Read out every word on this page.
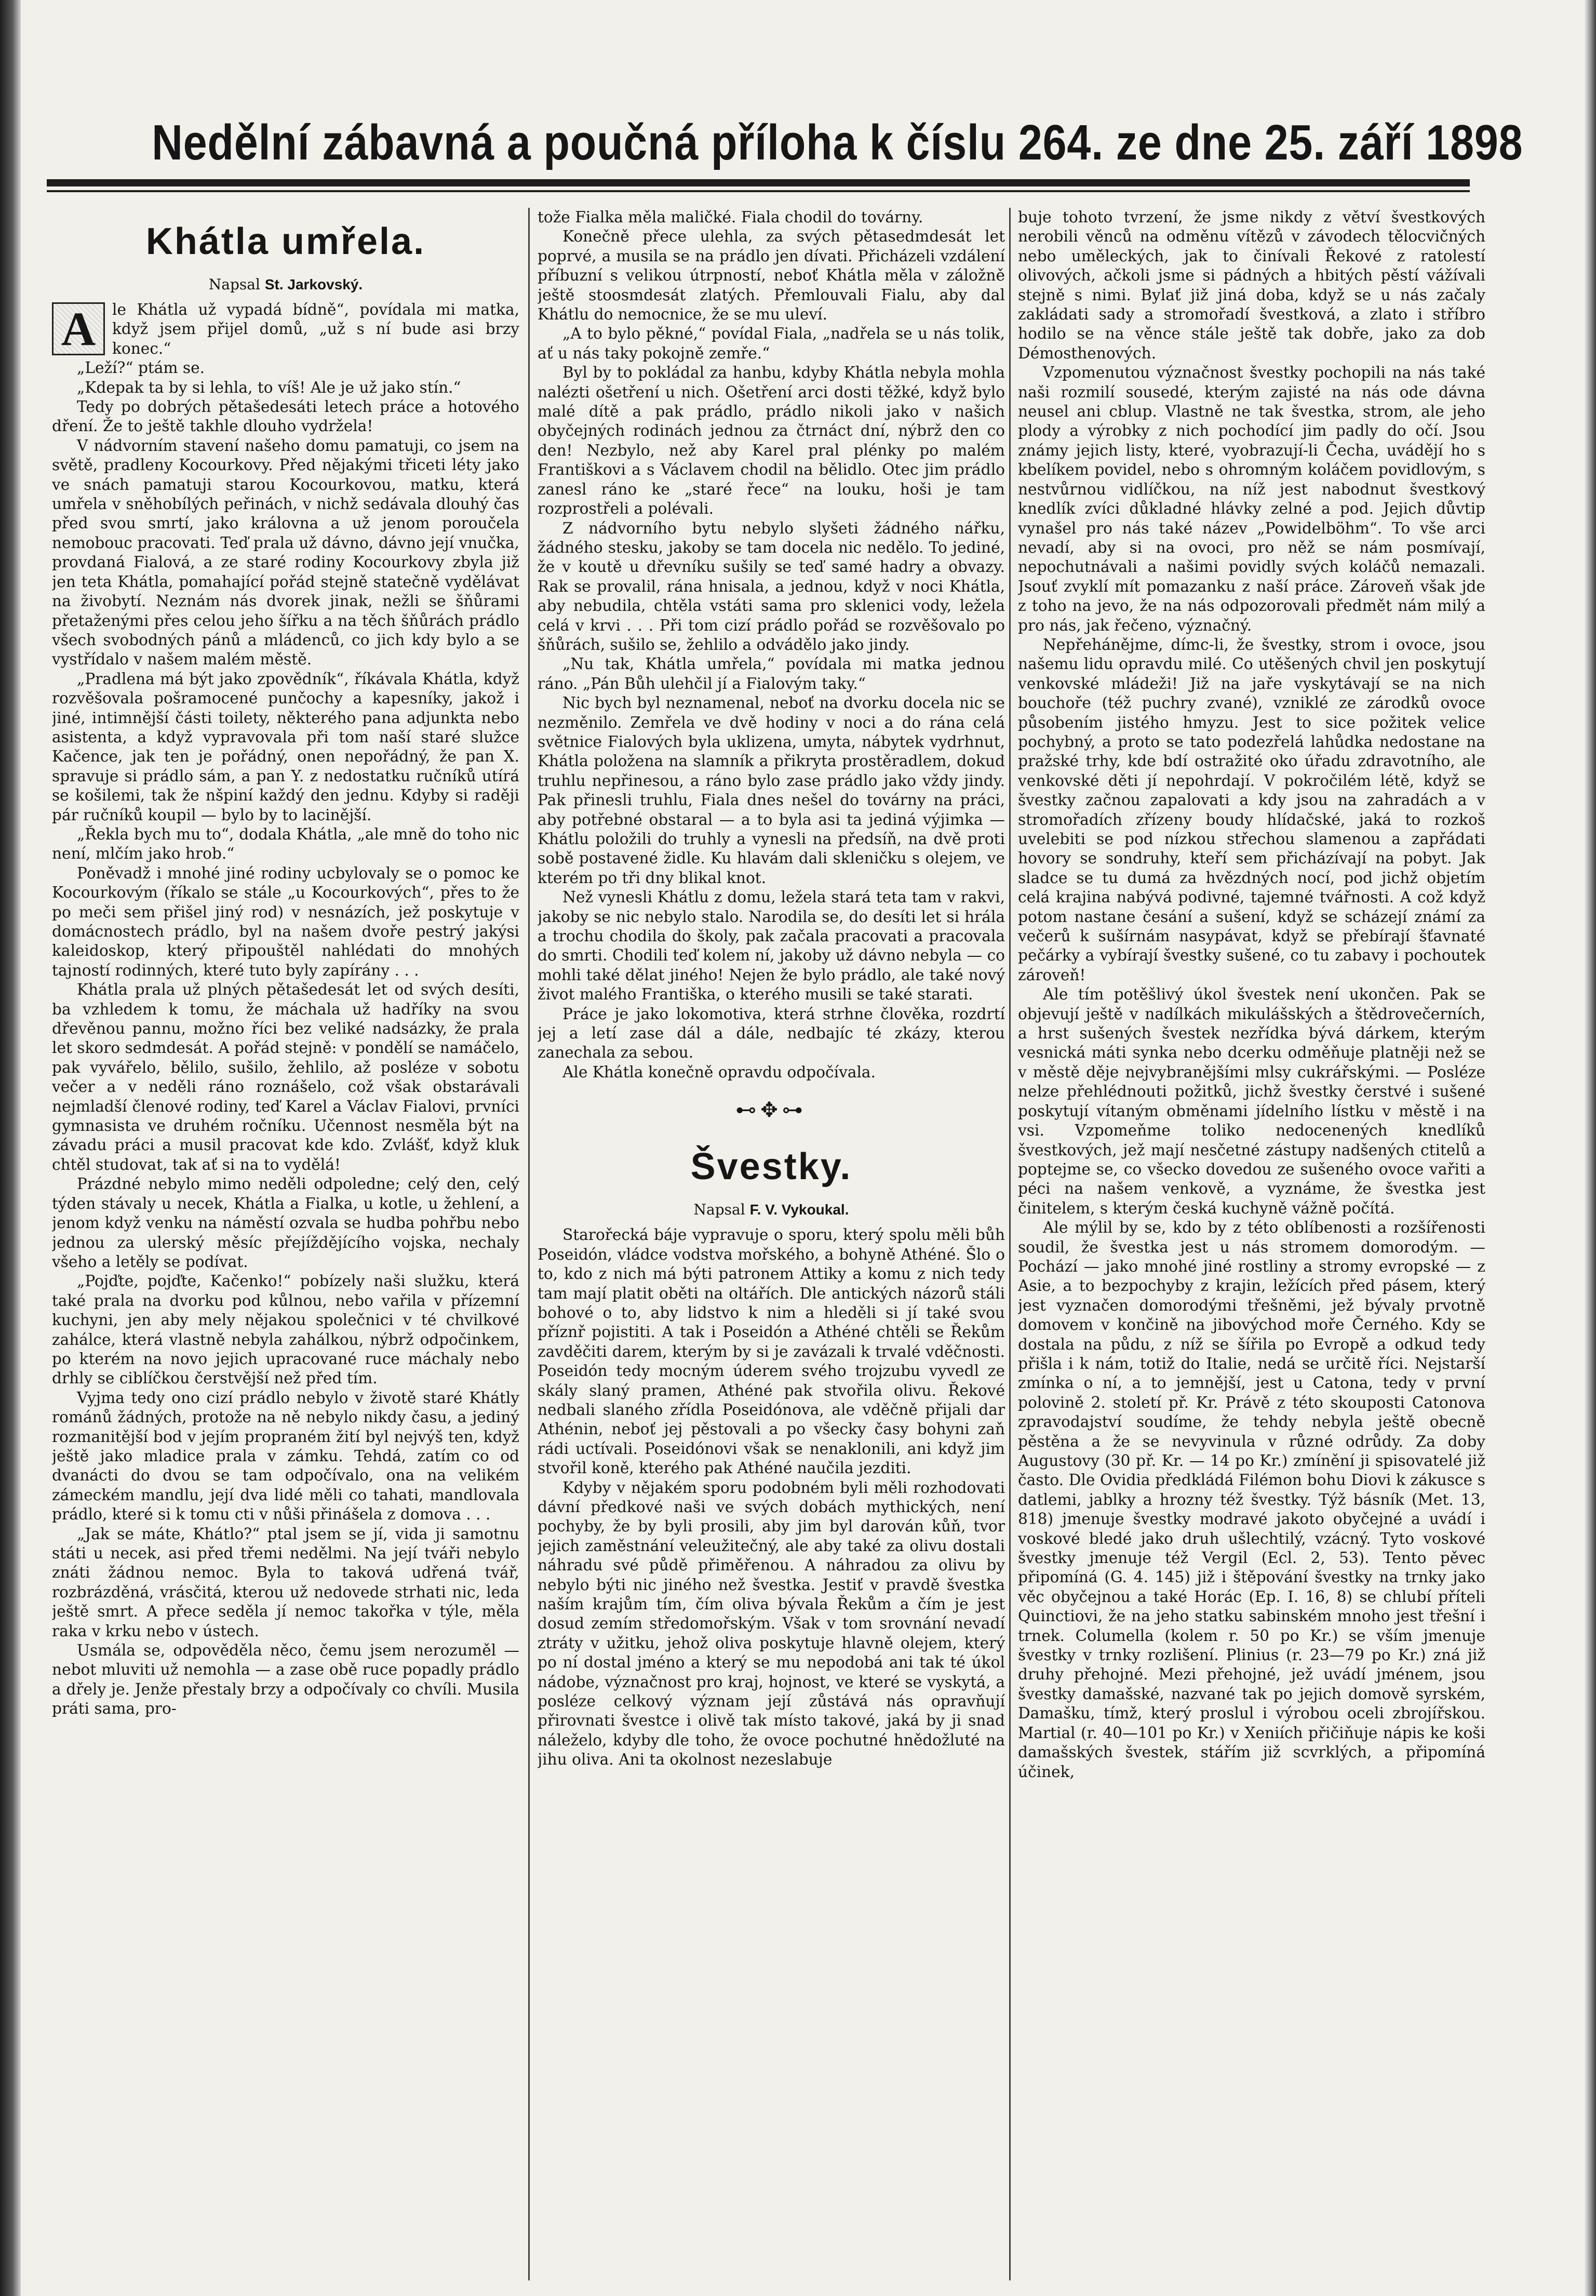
Nedělní zábavná a poučná příloha k číslu 264. ze dne 25. září 1898
Khátla umřela.
Napsal St. Jarkovský.

A	le Khátla už vypadá bídně“, povídala mi matka, když jsem přijel domů, „už s ní bude asi brzy konec.“

„Leží?“ ptám se.

„Kdepak ta by si lehla, to víš! Ale je už jako stín.“

Tedy po dobrých pětašedesáti letech práce a hotového dření. Že to ještě takhle dlouho vydržela!

V nádvorním stavení našeho domu pamatuji, co jsem na světě, pradleny Kocourkovy. Před nějakými třiceti léty jako ve snách pamatuji starou Kocourkovou, matku, která umřela v sněhobílých peřinách, v nichž sedávala dlouhý čas před svou smrtí, jako královna a už jenom poroučela nemobouc pracovati. Teď prala už dávno, dávno její vnučka, provdaná Fialová, a ze staré rodiny Kocourkovy zbyla již jen teta Khátla, pomahající pořád stejně statečně vydělávat na živobytí. Neznám nás dvorek jinak, nežli se šňůrami přetaženými přes celou jeho šířku a na těch šňůrách prádlo všech svobodných pánů a mládenců, co jich kdy bylo a se vystřídalo v našem malém městě.

„Pradlena má být jako zpovědník“, říkávala Khátla, když rozvěšovala pošramocené punčochy a kapesníky, jakož i jiné, intimnější části toilety, některého pana adjunkta nebo asistenta, a když vypravovala při tom naší staré služce Kačence, jak ten je pořádný, onen nepořádný, že pan X. spravuje si prádlo sám, a pan Y. z nedostatku ručníků utírá se košilemi, tak že nšpiní každý den jednu. Kdyby si raději pár ručníků koupil — bylo by to lacinější.

„Řekla bych mu to“, dodala Khátla, „ale mně do toho nic není, mlčím jako hrob.“

Poněvadž i mnohé jiné rodiny ucbylovaly se o pomoc ke Kocourkovým (říkalo se stále „u Kocourkových“, přes to že po meči sem přišel jiný rod) v nesnázích, jež poskytuje v domácnostech prádlo, byl na našem dvoře pestrý jakýsi kaleidoskop, který připouštěl nahlédati do mnohých tajností rodinných, které tuto byly zapírány . . .

Khátla prala už plných pětašedesát let od svých desíti, ba vzhledem k tomu, že máchala už hadříky na svou dřevěnou pannu, možno říci bez veliké nadsázky, že prala let skoro sedmdesát. A pořád stejně: v pondělí se namáčelo, pak vyvářelo, bělilo, sušilo, žehlilo, až posléze v sobotu večer a v neděli ráno roznášelo, což však obstarávali nejmladší členové rodiny, teď Karel a Václav Fialovi, prvníci gymnasista ve druhém ročníku. Učennost nesměla být na závadu práci a musil pracovat kde kdo. Zvlášť, když kluk chtěl studovat, tak ať si na to vydělá!

Prázdné nebylo mimo neděli odpoledne; celý den, celý týden stávaly u necek, Khátla a Fialka, u kotle, u žehlení, a jenom když venku na náměstí ozvala se hudba pohřbu nebo jednou za ulerský měsíc přejíždějícího vojska, nechaly všeho a letěly se podívat.

„Pojďte, pojďte, Kačenko!“ pobízely naši služku, která také prala na dvorku pod kůlnou, nebo vařila v přízemní kuchyni, jen aby mely nějakou společnici v té chvilkové zahálce, která vlastně nebyla zahálkou, nýbrž odpočinkem, po kterém na novo jejich upracované ruce máchaly nebo drhly se ciblíčkou čerstvější než před tím.

Vyjma tedy ono cizí prádlo nebylo v životě staré Khátly románů žádných, protože na ně nebylo nikdy času, a jediný rozmanitější bod v jejím propraném žití byl nejvýš ten, když ještě jako mladice prala v zámku. Tehdá, zatím co od dvanácti do dvou se tam odpočívalo, ona na velikém zámeckém mandlu, její dva lidé měli co tahati, mandlovala prádlo, které si k tomu cti v nůši přinášela z domova . . .

„Jak se máte, Khátlo?“ ptal jsem se jí, vida ji samotnu státi u necek, asi před třemi nedělmi. Na její tváři nebylo znáti žádnou nemoc. Byla to taková udřená tvář, rozbrázděná, vrásčitá, kterou už nedovede strhati nic, leda ještě smrt. A přece seděla jí nemoc takořka v týle, měla raka v krku nebo v ústech.

Usmála se, odpověděla něco, čemu jsem nerozuměl — nebot mluviti už nemohla — a zase obě ruce popadly prádlo a dřely je. Jenže přestaly brzy a odpočívaly co chvíli. Musila práti sama, pro-

tože Fialka měla maličké. Fiala chodil do továrny.

Konečně přece ulehla, za svých pětasedmdesát let poprvé, a musila se na prádlo jen dívati. Přicházeli vzdálení příbuzní s velikou útrpností, neboť Khátla měla v záložně ještě stoosmdesát zlatých. Přemlouvali Fialu, aby dal Khátlu do nemocnice, že se mu uleví.

„A to bylo pěkné,“ povídal Fiala, „nadřela se u nás tolik, ať u nás taky pokojně zemře.“

Byl by to pokládal za hanbu, kdyby Khátla nebyla mohla nalézti ošetření u nich. Ošetření arci dosti těžké, když bylo malé dítě a pak prádlo, prádlo nikoli jako v našich obyčejných rodinách jednou za čtrnáct dní, nýbrž den co den! Nezbylo, než aby Karel pral plénky po malém Františkovi a s Václavem chodil na bělidlo. Otec jim prádlo zanesl ráno ke „staré řece“ na louku, hoši je tam rozprostřeli a polévali.

Z nádvorního bytu nebylo slyšeti žádného nářku, žádného stesku, jakoby se tam docela nic nedělo. To jediné, že v koutě u dřevníku sušily se teď samé hadry a obvazy. Rak se provalil, rána hnisala, a jednou, když v noci Khátla, aby nebudila, chtěla vstáti sama pro sklenici vody, ležela celá v krvi . . . Při tom cizí prádlo pořád se rozvěšovalo po šňůrách, sušilo se, žehlilo a odvádělo jako jindy.

„Nu tak, Khátla umřela,“ povídala mi matka jednou ráno. „Pán Bůh ulehčil jí a Fialovým taky.“

Nic bych byl neznamenal, neboť na dvorku docela nic se nezměnilo. Zemřela ve dvě hodiny v noci a do rána celá světnice Fialových byla uklizena, umyta, nábytek vydrhnut, Khátla položena na slamník a přikryta prostěradlem, dokud truhlu nepřinesou, a ráno bylo zase prádlo jako vždy jindy. Pak přinesli truhlu, Fiala dnes nešel do továrny na práci, aby potřebné obstaral — a to byla asi ta jediná výjimka — Khátlu položili do truhly a vynesli na předsíň, na dvě proti sobě postavené židle. Ku hlavám dali skleničku s olejem, ve kterém po tři dny blikal knot.

Než vynesli Khátlu z domu, ležela stará teta tam v rakvi, jakoby se nic nebylo stalo. Narodila se, do desíti let si hrála a trochu chodila do školy, pak začala pracovati a pracovala do smrti. Chodili teď kolem ní, jakoby už dávno nebyla — co mohli také dělat jiného! Nejen že bylo prádlo, ale také nový život malého Františka, o kterého musili se také starati.

Práce je jako lokomotiva, která strhne člověka, rozdrtí jej a letí zase dál a dále, nedbajíc té zkázy, kterou zanechala za sebou.

Ale Khátla konečně opravdu odpočívala.

⊷✥⊶
Švestky.
Napsal F. V. Vykoukal.

Starořecká báje vypravuje o sporu, který spolu měli bůh Poseidón, vládce vodstva mořského, a bohyně Athéné. Šlo o to, kdo z nich má býti patronem Attiky a komu z nich tedy tam mají platit oběti na oltářích. Dle antických názorů stáli bohové o to, aby lidstvo k nim a hleděli si jí také svou příznř pojistiti. A tak i Poseidón a Athéné chtěli se Řekům zavděčiti darem, kterým by si je zavázali k trvalé vděčnosti. Poseidón tedy mocným úderem svého trojzubu vyvedl ze skály slaný pramen, Athéné pak stvořila olivu. Řekové nedbali slaného zřídla Poseidónova, ale vděčně přijali dar Athénin, neboť jej pěstovali a po všecky časy bohyni zaň rádi uctívali. Poseidónovi však se nenaklonili, ani když jim stvořil koně, kterého pak Athéné naučila jezditi.

Kdyby v nějakém sporu podobném byli měli rozhodovati dávní předkové naši ve svých dobách mythických, není pochyby, že by byli prosili, aby jim byl darován kůň, tvor jejich zaměstnání veleužitečný, ale aby také za olivu dostali náhradu své půdě přiměřenou. A náhradou za olivu by nebylo býti nic jiného než švestka. Jestiť v pravdě švestka naším krajům tím, čím oliva bývala Řekům a čím je jest dosud zemím středomořským. Však v tom srovnání nevadí ztráty v užitku, jehož oliva poskytuje hlavně olejem, který po ní dostal jméno a který se mu nepodobá ani tak té úkol nádobe, význačnost pro kraj, hojnost, ve které se vyskytá, a posléze celkový význam její zůstává nás opravňují přirovnati švestce i olivě tak místo takové, jaká by ji snad náleželo, kdyby dle toho, že ovoce pochutné hnědožluté na jihu oliva. Ani ta okolnost nezeslabuje

buje tohoto tvrzení, že jsme nikdy z větví švestkových nerobili věnců na odměnu vítězů v závodech tělocvičných nebo uměleckých, jak to činívali Řekové z ratolestí olivových, ačkoli jsme si pádných a hbitých pěstí vážívali stejně s nimi. Bylať již jiná doba, když se u nás začaly zakládati sady a stromořadí švestková, a zlato i stříbro hodilo se na věnce stále ještě tak dobře, jako za dob Démosthenových.

Vzpomenutou význačnost švestky pochopili na nás také naši rozmilí sousedé, kterým zajisté na nás ode dávna neusel ani cblup. Vlastně ne tak švestka, strom, ale jeho plody a výrobky z nich pochodící jim padly do očí. Jsou známy jejich listy, které, vyobrazují-li Čecha, uvádějí ho s kbelíkem povidel, nebo s ohromným koláčem povidlovým, s nestvůrnou vidlíčkou, na níž jest nabodnut švestkový knedlík zvíci důkladné hlávky zelné a pod. Jejich důvtip vynašel pro nás také název „Powidelböhm“. To vše arci nevadí, aby si na ovoci, pro něž se nám posmívají, nepochutnávali a našimi povidly svých koláčů nemazali. Jsouť zvyklí mít pomazanku z naší práce. Zároveň však jde z toho na jevo, že na nás odpozorovali předmět nám milý a pro nás, jak řečeno, význačný.

Nepřehánějme, dímc-li, že švestky, strom i ovoce, jsou našemu lidu opravdu milé. Co utěšených chvil jen poskytují venkovské mládeži! Již na jaře vyskytávají se na nich bouchoře (též puchry zvané), vzniklé ze zárodků ovoce působením jistého hmyzu. Jest to sice požitek velice pochybný, a proto se tato podezřelá lahůdka nedostane na pražské trhy, kde bdí ostražité oko úřadu zdravotního, ale venkovské děti jí nepohrdají. V pokročilém létě, když se švestky začnou zapalovati a kdy jsou na zahradách a v stromořadích zřízeny boudy hlídačské, jaká to rozkoš uvelebiti se pod nízkou střechou slamenou a zapřádati hovory se sondruhy, kteří sem přicházívají na pobyt. Jak sladce se tu dumá za hvězdných nocí, pod jichž objetím celá krajina nabývá podivné, tajemné tvářnosti. A což když potom nastane česání a sušení, když se scházejí známí za večerů k sušírnám nasypávat, když se přebírají šťavnaté pečárky a vybírají švestky sušené, co tu zabavy i pochoutek zároveň!

Ale tím potěšlivý úkol švestek není ukončen. Pak se objevují ještě v nadílkách mikulášských a štědrovečerních, a hrst sušených švestek nezřídka bývá dárkem, kterým vesnická máti synka nebo dcerku odměňuje platněji než se v městě děje nejvybranějšími mlsy cukrářskými. — Posléze nelze přehlédnouti požitků, jichž švestky čerstvé i sušené poskytují vítaným obměnami jídelního lístku v městě i na vsi. Vzpomeňme toliko nedocenených knedlíků švestkových, jež mají nesčetné zástupy nadšených ctitelů a poptejme se, co všecko dovedou ze sušeného ovoce vařiti a péci na našem venkově, a vyznáme, že švestka jest činitelem, s kterým česká kuchyně vážně počítá.

Ale mýlil by se, kdo by z této oblíbenosti a rozšířenosti soudil, že švestka jest u nás stromem domorodým. — Pochází — jako mnohé jiné rostliny a stromy evropské — z Asie, a to bezpochyby z krajin, ležících před pásem, který jest vyznačen domorodými třešněmi, jež bývaly prvotně domovem v končině na jibovýchod moře Černého. Kdy se dostala na půdu, z níž se šířila po Evropě a odkud tedy přišla i k nám, totiž do Italie, nedá se určitě říci. Nejstarší zmínka o ní, a to jemnější, jest u Catona, tedy v první polovině 2. století př. Kr. Právě z této skouposti Catonova zpravodajství soudíme, že tehdy nebyla ještě obecně pěstěna a že se nevyvinula v různé odrůdy. Za doby Augustovy (30 př. Kr. — 14 po Kr.) zmínění ji spisovatelé již často. Dle Ovidia předkládá Filémon bohu Diovi k zákusce s datlemi, jablky a hrozny též švestky. Týž básník (Met. 13, 818) jmenuje švestky modravé jakoto obyčejné a uvádí i voskové bledé jako druh ušlechtilý, vzácný. Tyto voskové švestky jmenuje též Vergil (Ecl. 2, 53). Tento pěvec připomíná (G. 4. 145) již i štěpování švestky na trnky jako věc obyčejnou a také Horác (Ep. I. 16, 8) se chlubí příteli Quinctiovi, že na jeho statku sabinském mnoho jest třešní i trnek. Columella (kolem r. 50 po Kr.) se vším jmenuje švestky v trnky rozlišení. Plinius (r. 23—79 po Kr.) zná již druhy přehojné. Mezi přehojné, jež uvádí jménem, jsou švestky damašské, nazvané tak po jejich domově syrském, Damašku, tímž, který proslul i výrobou oceli zbrojířskou. Martial (r. 40—101 po Kr.) v Xeniích přičiňuje nápis ke koši damašských švestek, stářím již scvrklých, a připomíná účinek,
